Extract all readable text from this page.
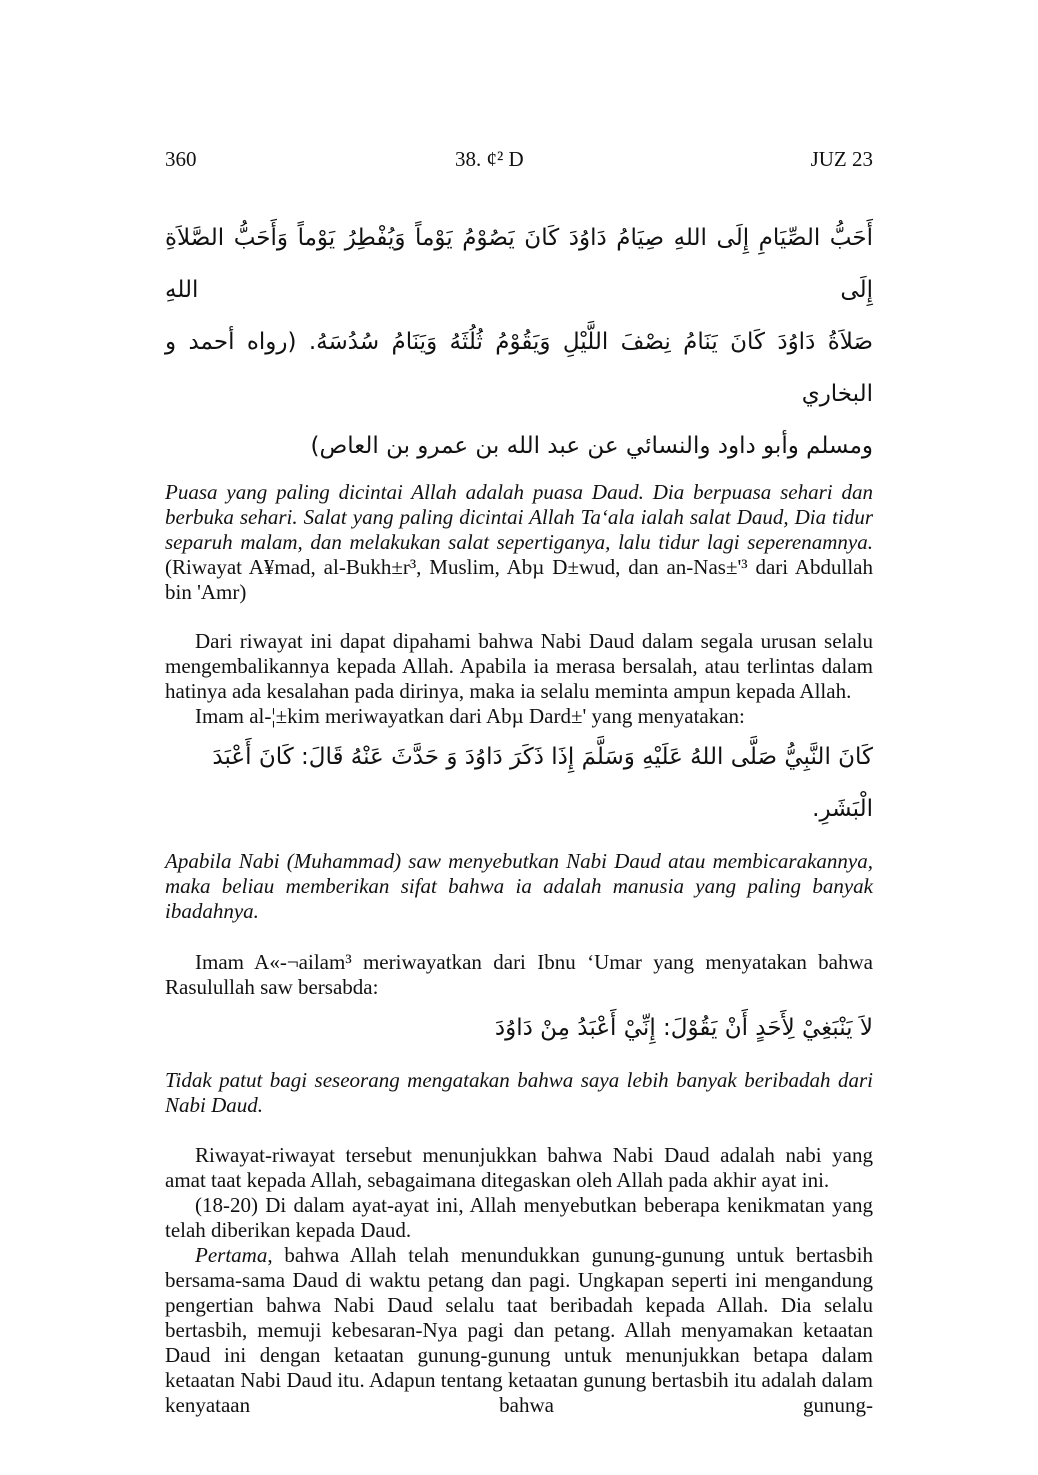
360	38. ¢² D	JUZ 23

أَحَبُّ الصِّيَامِ إِلَى اللهِ صِيَامُ دَاوُدَ كَانَ يَصُوْمُ يَوْماً وَيُفْطِرُ يَوْماً وَأَحَبُّ الصَّلاَةِ إِلَى اللهِ

صَلاَةُ دَاوُدَ كَانَ يَنَامُ نِصْفَ اللَّيْلِ وَيَقُوْمُ ثُلُثَهُ وَيَنَامُ سُدُسَهُ. (رواه أحمد و البخاري

ومسلم وأبو داود والنسائي عن عبد الله بن عمرو بن العاص)

Puasa yang paling dicintai Allah adalah puasa Daud. Dia berpuasa sehari dan berbuka sehari. Salat yang paling dicintai Allah Ta‘ala ialah salat Daud, Dia tidur separuh malam, dan melakukan salat sepertiganya, lalu tidur lagi seperenamnya. (Riwayat A¥mad, al-Bukh±r³, Muslim, Abµ D±wud, dan an-Nas±'³ dari Abdullah bin 'Amr)

Dari riwayat ini dapat dipahami bahwa Nabi Daud dalam segala urusan selalu mengembalikannya kepada Allah. Apabila ia merasa bersalah, atau terlintas dalam hatinya ada kesalahan pada dirinya, maka ia selalu meminta ampun kepada Allah.

Imam al-¦±kim meriwayatkan dari Abµ Dard±' yang menyatakan:

كَانَ النَّبِيُّ صَلَّى اللهُ عَلَيْهِ وَسَلَّمَ إِذَا ذَكَرَ دَاوُدَ وَ حَدَّثَ عَنْهُ قَالَ: كَانَ أَعْبَدَ الْبَشَرِ.

Apabila Nabi (Muhammad) saw menyebutkan Nabi Daud atau membicarakannya, maka beliau memberikan sifat bahwa ia adalah manusia yang paling banyak ibadahnya.

Imam A«-¬ailam³ meriwayatkan dari Ibnu ‘Umar yang menyatakan bahwa Rasulullah saw bersabda:

لاَ يَنْبَغِيْ لِأَحَدٍ أَنْ يَقُوْلَ: إِنِّيْ أَعْبَدُ مِنْ دَاوُدَ

Tidak patut bagi seseorang mengatakan bahwa saya lebih banyak beribadah dari Nabi Daud.

Riwayat-riwayat tersebut menunjukkan bahwa Nabi Daud adalah nabi yang amat taat kepada Allah, sebagaimana ditegaskan oleh Allah pada akhir ayat ini.

(18-20) Di dalam ayat-ayat ini, Allah menyebutkan beberapa kenikmatan yang telah diberikan kepada Daud.

Pertama, bahwa Allah telah menundukkan gunung-gunung untuk bertasbih bersama-sama Daud di waktu petang dan pagi. Ungkapan seperti ini mengandung pengertian bahwa Nabi Daud selalu taat beribadah kepada Allah. Dia selalu bertasbih, memuji kebesaran-Nya pagi dan petang. Allah menyamakan ketaatan Daud ini dengan ketaatan gunung-gunung untuk menunjukkan betapa dalam ketaatan Nabi Daud itu. Adapun tentang ketaatan gunung bertasbih itu adalah dalam kenyataan bahwa gunung-
